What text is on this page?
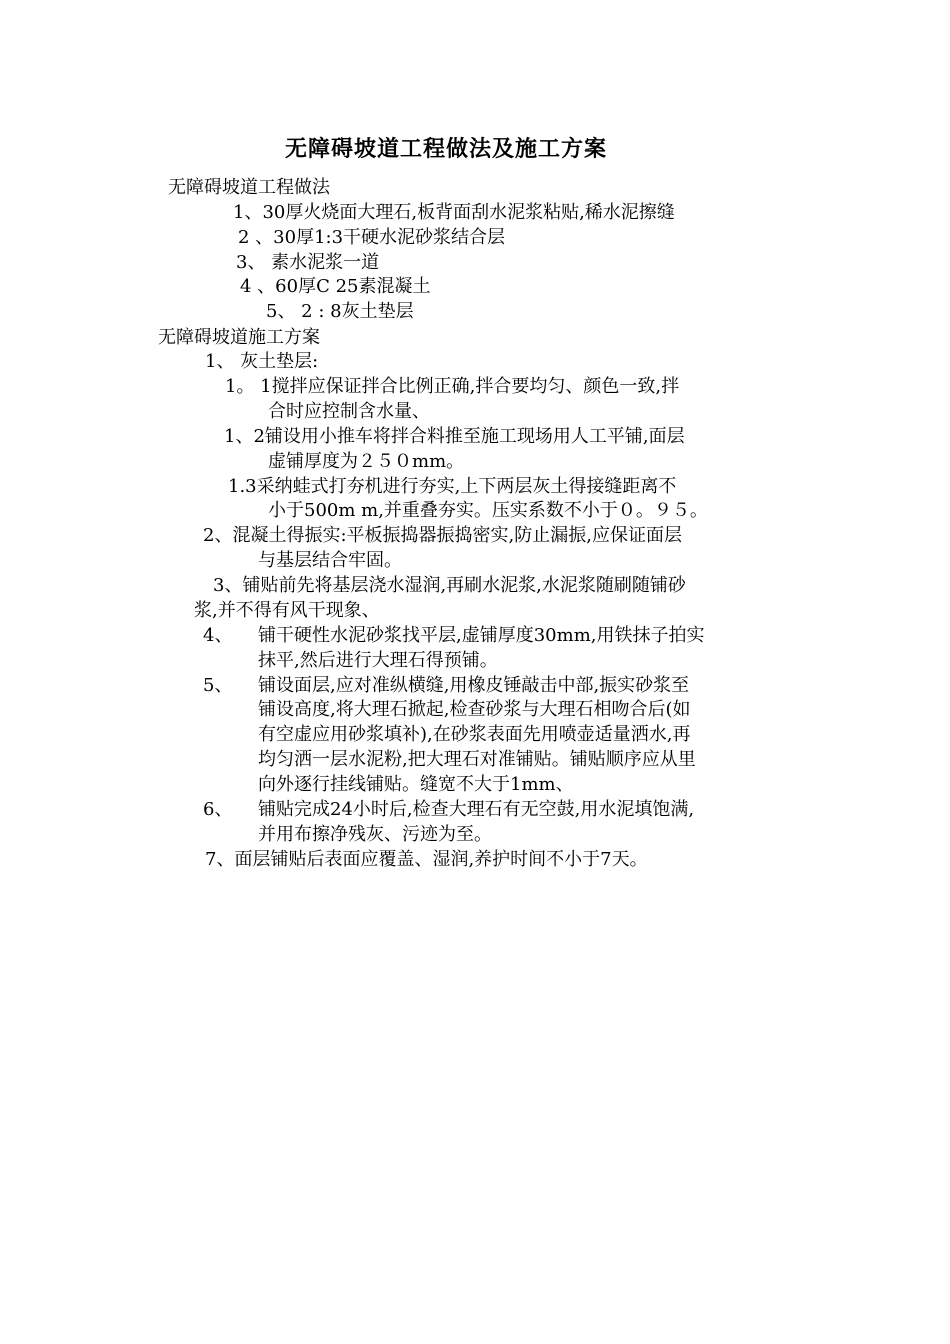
无障碍坡道工程做法及施工方案
无障碍坡道工程做法
1、30厚火烧面大理石,板背面刮水泥浆粘贴,稀水泥擦缝
2 、30厚1:3干硬水泥砂浆结合层
3、 素水泥浆一道
4 、60厚C 25素混凝土
5、 2 : 8灰土垫层
无障碍坡道施工方案
1、 灰土垫层:
1。 1搅拌应保证拌合比例正确,拌合要均匀、颜色一致,拌
合时应控制含水量、
1、2铺设用小推车将拌合料推至施工现场用人工平铺,面层
虚铺厚度为２５０mm。
1.3采纳蛙式打夯机进行夯实,上下两层灰土得接缝距离不
小于500m m,并重叠夯实。压实系数不小于０。９５。
2、混凝土得振实:平板振捣器振捣密实,防止漏振,应保证面层
与基层结合牢固。
3、铺贴前先将基层浇水湿润,再刷水泥浆,水泥浆随刷随铺砂
浆,并不得有风干现象、
4、 铺干硬性水泥砂浆找平层,虚铺厚度30mm,用铁抹子拍实
抹平,然后进行大理石得预铺。
5、 铺设面层,应对准纵横缝,用橡皮锤敲击中部,振实砂浆至
铺设高度,将大理石掀起,检查砂浆与大理石相吻合后(如
有空虚应用砂浆填补),在砂浆表面先用喷壶适量洒水,再
均匀洒一层水泥粉,把大理石对准铺贴。铺贴顺序应从里
向外逐行挂线铺贴。缝宽不大于1mm、
6、 铺贴完成24小时后,检查大理石有无空鼓,用水泥填饱满,
并用布擦净残灰、污迹为至。
7、面层铺贴后表面应覆盖、湿润,养护时间不小于7天。
